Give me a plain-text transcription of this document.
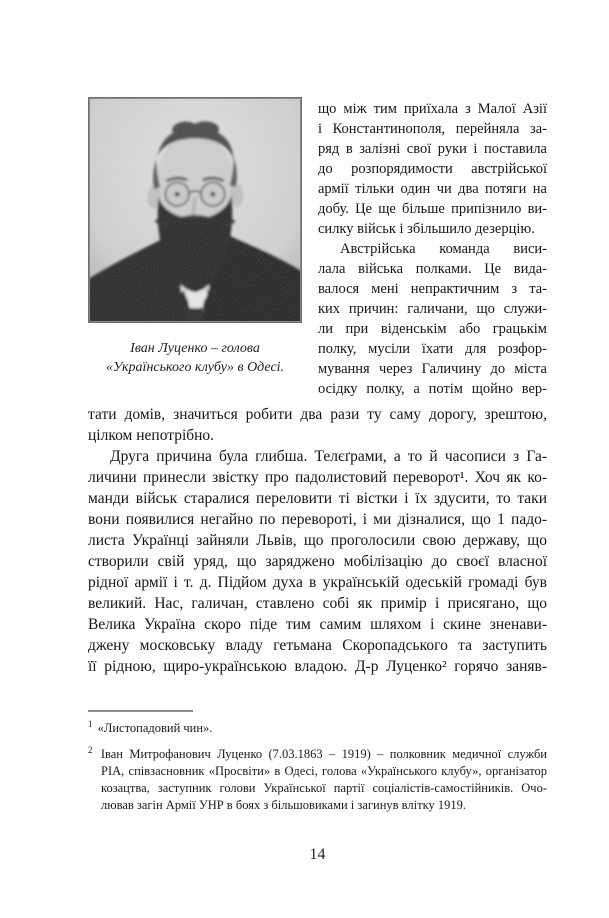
Іван Луценко – голова
«Українського клубу» в Одесі.
що між тим приїхала з Малої Азії
і Константинополя, перейняла за-
ряд в залізні свої руки і поставила
до розпорядимости австрійської
армії тільки один чи два потяги на
добу. Це ще більше припізнило ви-
силку військ і збільшило дезерцію.
Австрійська команда виси-
лала війська полками. Це вида-
валося мені непрактичним з та-
ких причин: галичани, що служи-
ли при віденськім або грацькім
полку, мусіли їхати для розфор-
мування через Галичину до міста
осідку полку, а потім щойно вер-
тати домів, значиться робити два рази ту саму дорогу, зрештою,
цілком непотрібно.
Друга причина була глибша. Телєґрами, а то й часописи з Га-
личини принесли звістку про падолистовий переворот¹. Хоч як ко-
манди військ старалися переловити ті вістки і їх здусити, то таки
вони появилися негайно по перевороті, і ми дізналися, що 1 падо-
листа Українці зайняли Львів, що проголосили свою державу, що
створили свій уряд, що заряджено мобілізацію до своєї власної
рідної армії і т. д. Підйом духа в українській одеській громаді був
великий. Нас, галичан, ставлено собі як примір і присягано, що
Велика Україна скоро піде тим самим шляхом і скине зненави-
джену московську владу гетьмана Скоропадського та заступить
її рідною, щиро-українською владою. Д-р Луценко² горячо заняв-
$^1$ «Листопадовий чин».
$^2$ Іван Митрофанович Луценко (7.03.1863 – 1919) – полковник медичної служби
РІА, співзасновник «Просвіти» в Одесі, голова «Українського клубу», організатор
козацтва, заступник голови Української партії соціалістів-самостійників. Очо-
лював загін Армії УНР в боях з більшовиками і загинув влітку 1919.
14
